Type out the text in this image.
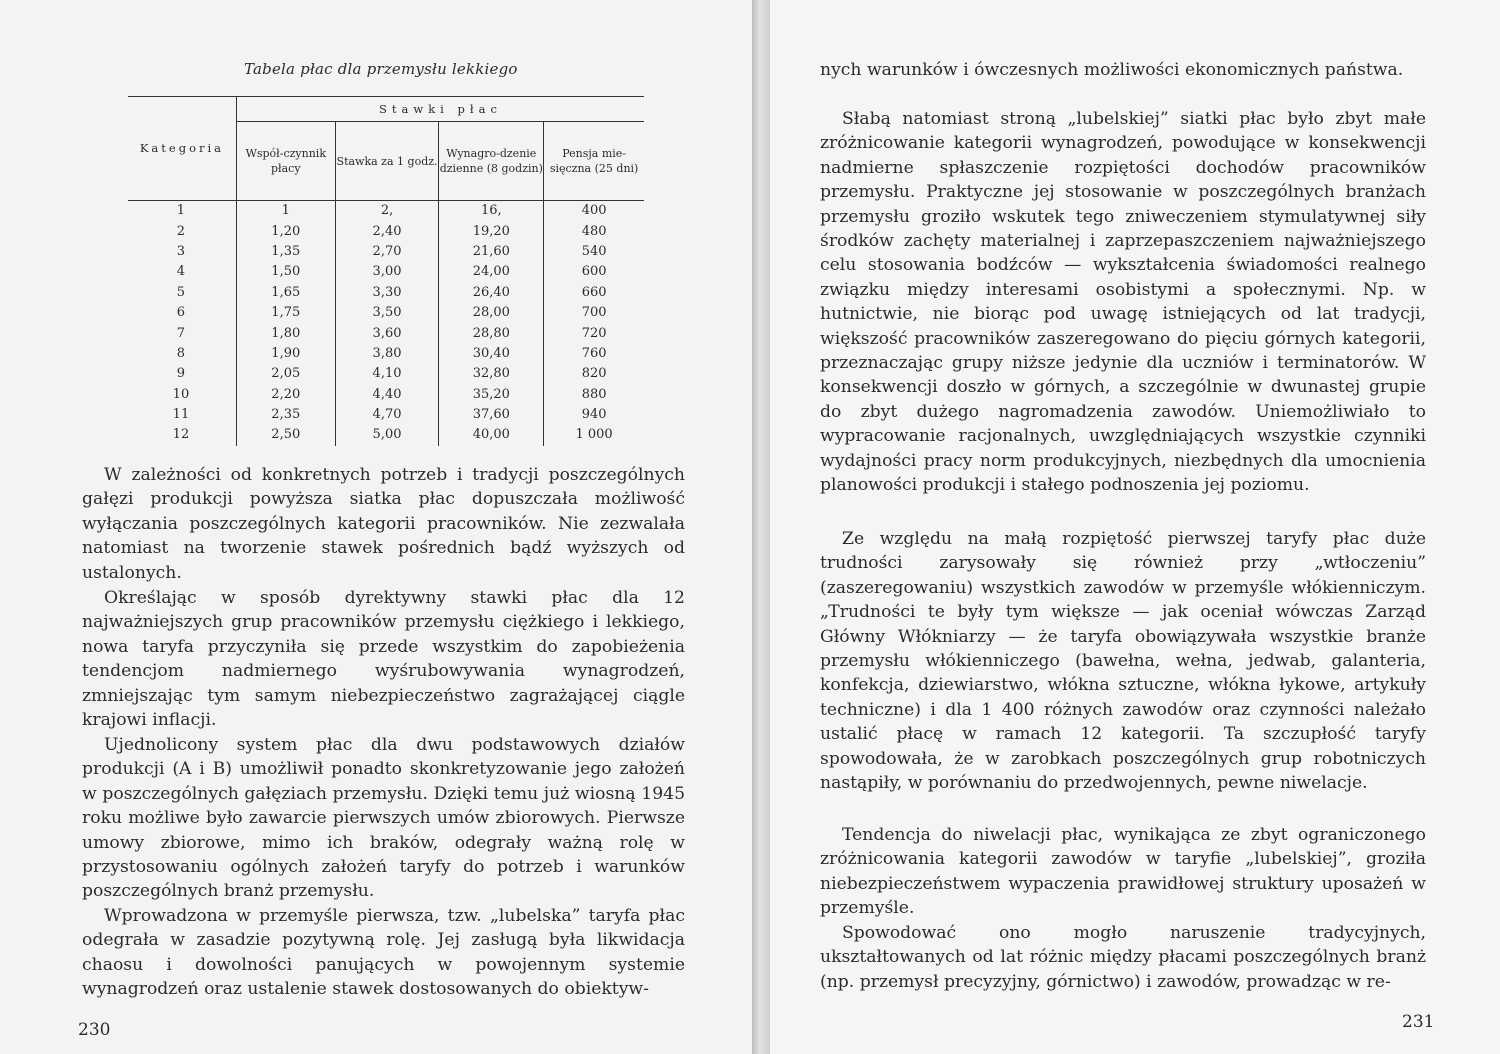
Tabela płac dla przemysłu lekkiego
Kategoria	Stawki płac			
	Współ-czynnik płacy	Stawka za 1 godz.	Wynagro-dzenie dzienne (8 godzin)	Pensja mie-sięczna (25 dni)
1	1	2,	16,	400
2	1,20	2,40	19,20	480
3	1,35	2,70	21,60	540
4	1,50	3,00	24,00	600
5	1,65	3,30	26,40	660
6	1,75	3,50	28,00	700
7	1,80	3,60	28,80	720
8	1,90	3,80	30,40	760
9	2,05	4,10	32,80	820
10	2,20	4,40	35,20	880
11	2,35	4,70	37,60	940
12	2,50	5,00	40,00	1 000

W zależności od konkretnych potrzeb i tradycji poszczególnych gałęzi produkcji powyższa siatka płac dopuszczała możliwość wyłączania poszczególnych kategorii pracowników. Nie zezwalała natomiast na tworzenie stawek pośrednich bądź wyższych od ustalonych.

Określając w sposób dyrektywny stawki płac dla 12 najważniejszych grup pracowników przemysłu ciężkiego i lekkiego, nowa taryfa przyczyniła się przede wszystkim do zapobieżenia tendencjom nadmiernego wyśrubowywania wynagrodzeń, zmniejszając tym samym niebezpieczeństwo zagrażającej ciągle krajowi inflacji.

Ujednolicony system płac dla dwu podstawowych działów produkcji (A i B) umożliwił ponadto skonkretyzowanie jego założeń w poszczególnych gałęziach przemysłu. Dzięki temu już wiosną 1945 roku możliwe było zawarcie pierwszych umów zbiorowych. Pierwsze umowy zbiorowe, mimo ich braków, odegrały ważną rolę w przystosowaniu ogólnych założeń taryfy do potrzeb i warunków poszczególnych branż przemysłu.

Wprowadzona w przemyśle pierwsza, tzw. „lubelska” taryfa płac odegrała w zasadzie pozytywną rolę. Jej zasługą była likwidacja chaosu i dowolności panujących w powojennym systemie wynagrodzeń oraz ustalenie stawek dostosowanych do obiektyw-

230

nych warunków i ówczesnych możliwości ekonomicznych państwa.

Słabą natomiast stroną „lubelskiej” siatki płac było zbyt małe zróżnicowanie kategorii wynagrodzeń, powodujące w konsekwencji nadmierne spłaszczenie rozpiętości dochodów pracowników przemysłu. Praktyczne jej stosowanie w poszczególnych branżach przemysłu groziło wskutek tego zniweczeniem stymulatywnej siły środków zachęty materialnej i zaprzepaszczeniem najważniejszego celu stosowania bodźców — wykształcenia świadomości realnego związku między interesami osobistymi a społecznymi. Np. w hutnictwie, nie biorąc pod uwagę istniejących od lat tradycji, większość pracowników zaszeregowano do pięciu górnych kategorii, przeznaczając grupy niższe jedynie dla uczniów i terminatorów. W konsekwencji doszło w górnych, a szczególnie w dwunastej grupie do zbyt dużego nagromadzenia zawodów. Uniemożliwiało to wypracowanie racjonalnych, uwzględniających wszystkie czynniki wydajności pracy norm produkcyjnych, niezbędnych dla umocnienia planowości produkcji i stałego podnoszenia jej poziomu.

Ze względu na małą rozpiętość pierwszej taryfy płac duże trudności zarysowały się również przy „wtłoczeniu” (zaszeregowaniu) wszystkich zawodów w przemyśle włókienniczym. „Trudności te były tym większe — jak oceniał wówczas Zarząd Główny Włókniarzy — że taryfa obowiązywała wszystkie branże przemysłu włókienniczego (bawełna, wełna, jedwab, galanteria, konfekcja, dziewiarstwo, włókna sztuczne, włókna łykowe, artykuły techniczne) i dla 1 400 różnych zawodów oraz czynności należało ustalić płacę w ramach 12 kategorii. Ta szczupłość taryfy spowodowała, że w zarobkach poszczególnych grup robotniczych nastąpiły, w porównaniu do przedwojennych, pewne niwelacje.

Tendencja do niwelacji płac, wynikająca ze zbyt ograniczonego zróżnicowania kategorii zawodów w taryfie „lubelskiej”, groziła niebezpieczeństwem wypaczenia prawidłowej struktury uposażeń w przemyśle.

Spowodować ono mogło naruszenie tradycyjnych, ukształtowanych od lat różnic między płacami poszczególnych branż (np. przemysł precyzyjny, górnictwo) i zawodów, prowadząc w re-

231
